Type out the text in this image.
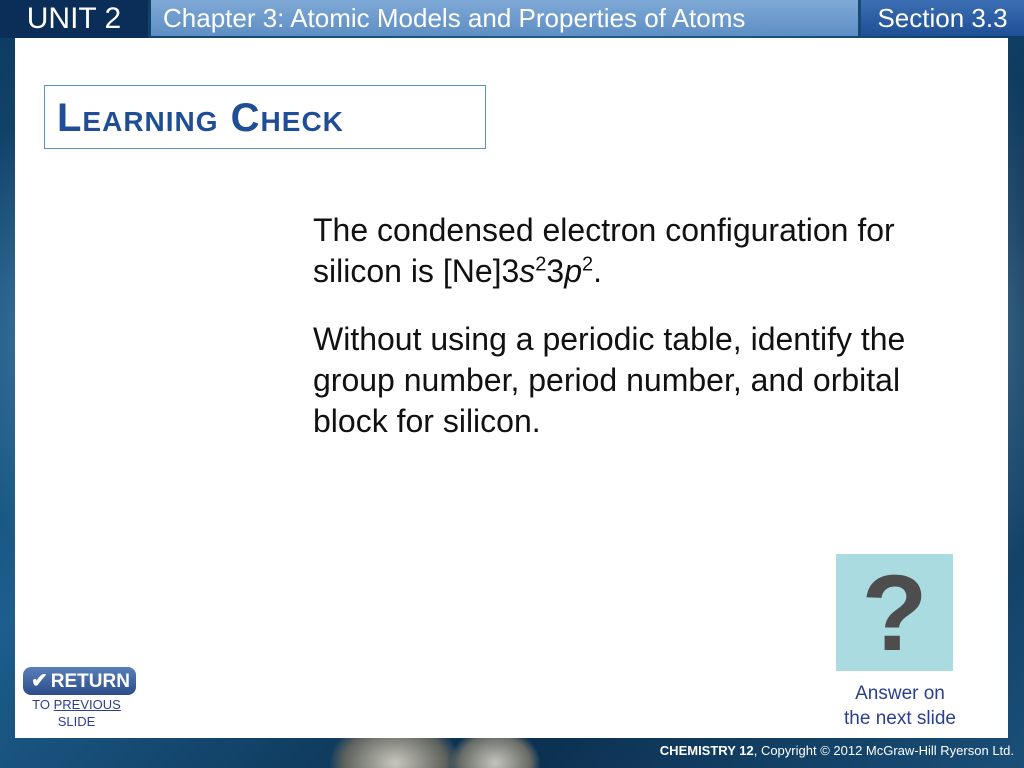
UNIT 2	Chapter 3: Atomic Models and Properties of Atoms	Section 3.3
Learning Check

The condensed electron configuration for silicon is $[Ne]3s^23p^2$.

Without using a periodic table, identify the group number, period number, and orbital block for silicon.

?
Answer on
the next slide
✔ RETURN
TO PREVIOUS
SLIDE
CHEMISTRY 12, Copyright © 2012 McGraw-Hill Ryerson Ltd.
